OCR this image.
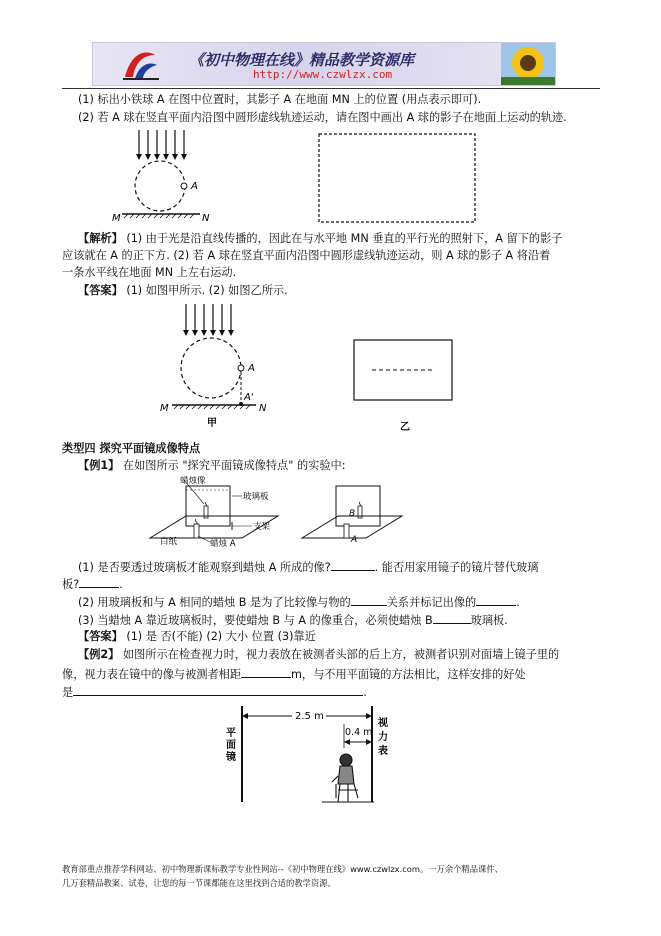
《初中物理在线》精品教学资源库
http://www.czwlzx.com
(1) 标出小铁球 A 在图中位置时，其影子 A 在地面 MN 上的位置 (用点表示即可).
(2) 若 A 球在竖直平面内沿图中圆形虚线轨迹运动，请在图中画出 A 球的影子在地面上运动的轨迹.
A
M	N
【解析】 (1) 由于光是沿直线传播的，因此在与水平地 MN 垂直的平行光的照射下，A 留下的影子
应该就在 A 的正下方. (2) 若 A 球在竖直平面内沿图中圆形虚线轨迹运动，则 A 球的影子 A 将沿着
一条水平线在地面 MN 上左右运动.
【答案】 (1) 如图甲所示. (2) 如图乙所示.
A
A'
M	N
甲	乙
类型四 探究平面镜成像特点
【例1】 在如图所示 "探究平面镜成像特点" 的实验中:
蜡烛像
玻璃板
支架
白纸	蜡烛 A
B
A
(1) 是否要透过玻璃板才能观察到蜡烛 A 所成的像?	. 能否用家用镜子的镜片替代玻璃
板?	.
(2) 用玻璃板和与 A 相同的蜡烛 B 是为了比较像与物的	关系并标记出像的	.
(3) 当蜡烛 A 靠近玻璃板时，要使蜡烛 B 与 A 的像重合，必须使蜡烛 B	玻璃板.
【答案】 (1) 是 否(不能) (2) 大小 位置 (3)靠近
【例2】 如图所示在检查视力时，视力表放在被测者头部的后上方，被测者识别对面墙上镜子里的
像，视力表在镜中的像与被测者相距	m，与不用平面镜的方法相比，这样安排的好处
是	.
2.5 m
0.4 m
平
面
镜
视
力
表
教育部重点推荐学科网站、初中物理新课标教学专业性网站--《初中物理在线》www.czwlzx.com。一万余个精品课件、
几万套精品教案、试卷，让您的每一节课都能在这里找到合适的教学资源。
